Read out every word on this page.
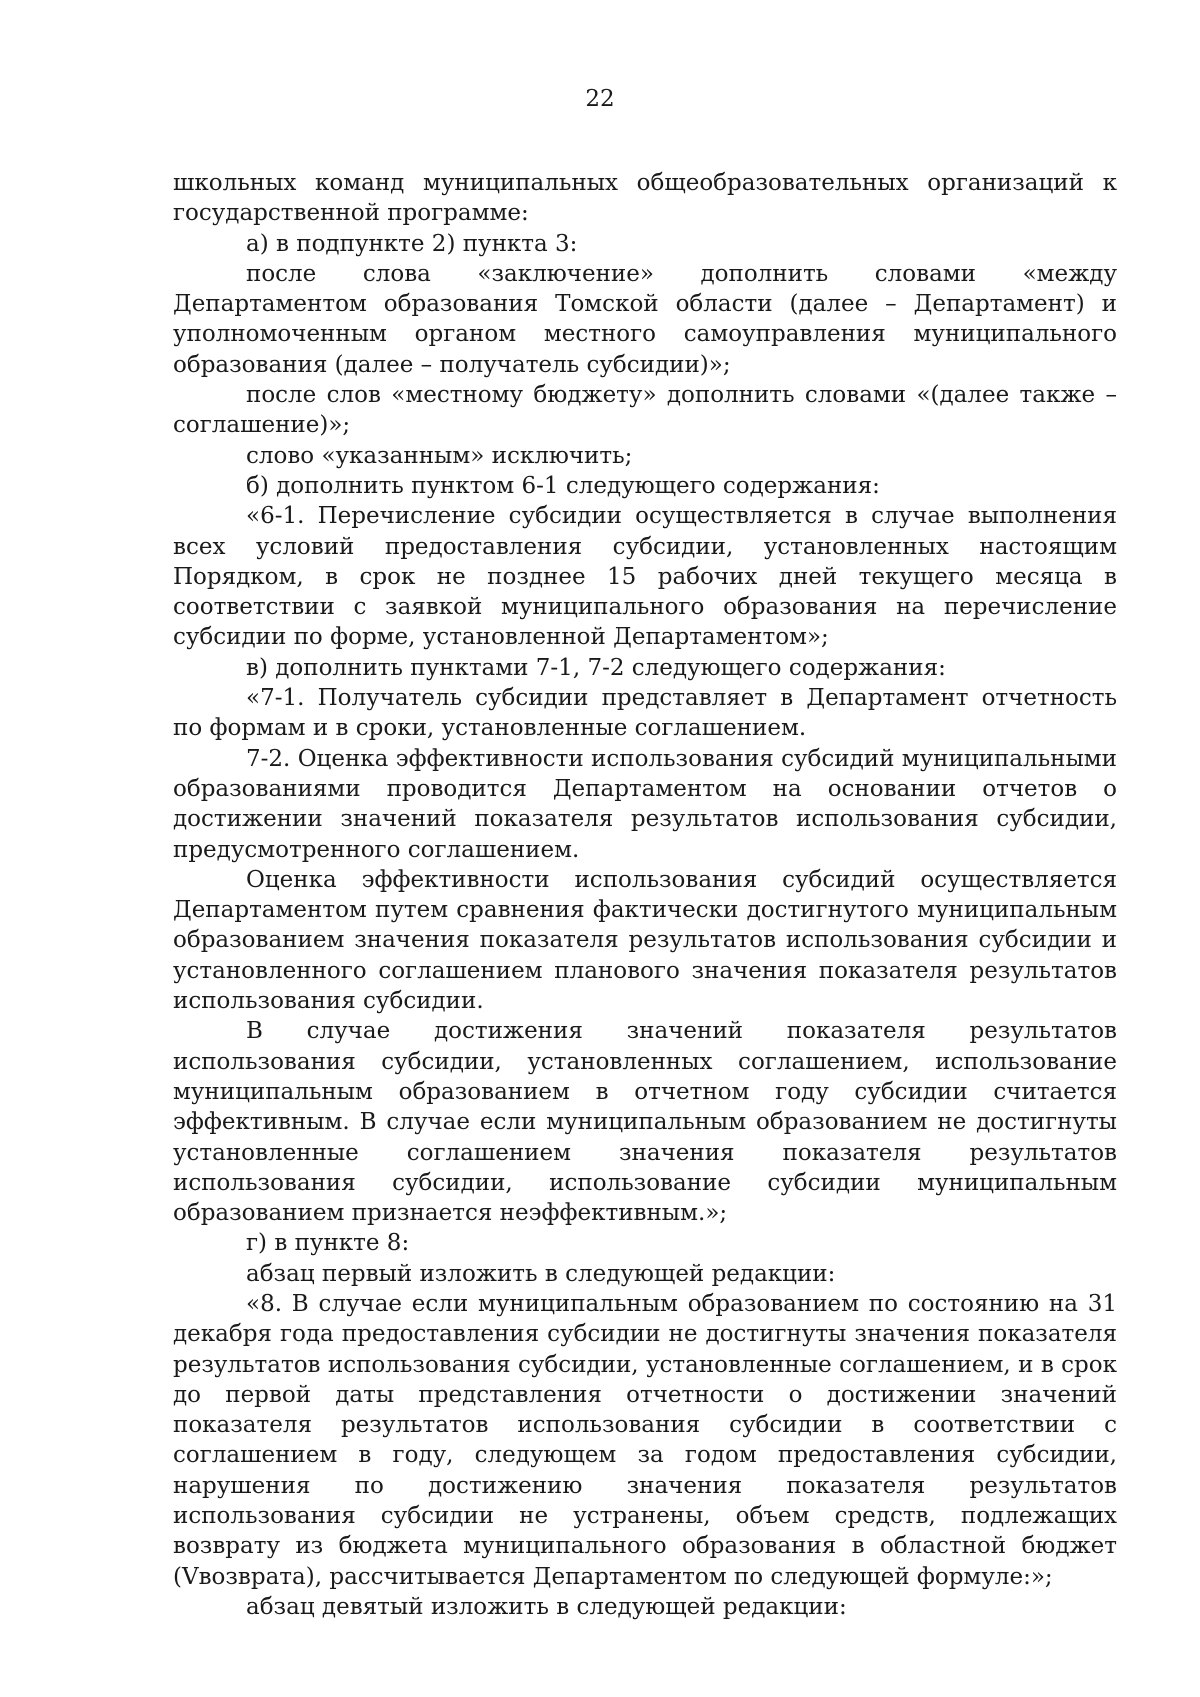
22

школьных команд муниципальных общеобразовательных организаций к государственной программе:

а) в подпункте 2) пункта 3:

после слова «заключение» дополнить словами «между Департаментом образования Томской области (далее – Департамент) и уполномоченным органом местного самоуправления муниципального образования (далее – получатель субсидии)»;

после слов «местному бюджету» дополнить словами «(далее также – соглашение)»;

слово «указанным» исключить;

б) дополнить пунктом 6-1 следующего содержания:

«6-1. Перечисление субсидии осуществляется в случае выполнения всех условий предоставления субсидии, установленных настоящим Порядком, в срок не позднее 15 рабочих дней текущего месяца в соответствии с заявкой муниципального образования на перечисление субсидии по форме, установленной Департаментом»;

в) дополнить пунктами 7-1, 7-2 следующего содержания:

«7-1. Получатель субсидии представляет в Департамент отчетность по формам и в сроки, установленные соглашением.

7-2. Оценка эффективности использования субсидий муниципальными образованиями проводится Департаментом на основании отчетов о достижении значений показателя результатов использования субсидии, предусмотренного соглашением.

Оценка эффективности использования субсидий осуществляется Департаментом путем сравнения фактически достигнутого муниципальным образованием значения показателя результатов использования субсидии и установленного соглашением планового значения показателя результатов использования субсидии.

В случае достижения значений показателя результатов использования субсидии, установленных соглашением, использование муниципальным образованием в отчетном году субсидии считается эффективным. В случае если муниципальным образованием не достигнуты установленные соглашением значения показателя результатов использования субсидии, использование субсидии муниципальным образованием признается неэффективным.»;

г) в пункте 8:

абзац первый изложить в следующей редакции:

«8. В случае если муниципальным образованием по состоянию на 31 декабря года предоставления субсидии не достигнуты значения показателя результатов использования субсидии, установленные соглашением, и в срок до первой даты представления отчетности о достижении значений показателя результатов использования субсидии в соответствии с соглашением в году, следующем за годом предоставления субсидии, нарушения по достижению значения показателя результатов использования субсидии не устранены, объем средств, подлежащих возврату из бюджета муниципального образования в областной бюджет (Vвозврата), рассчитывается Департаментом по следующей формуле:»;

абзац девятый изложить в следующей редакции:
